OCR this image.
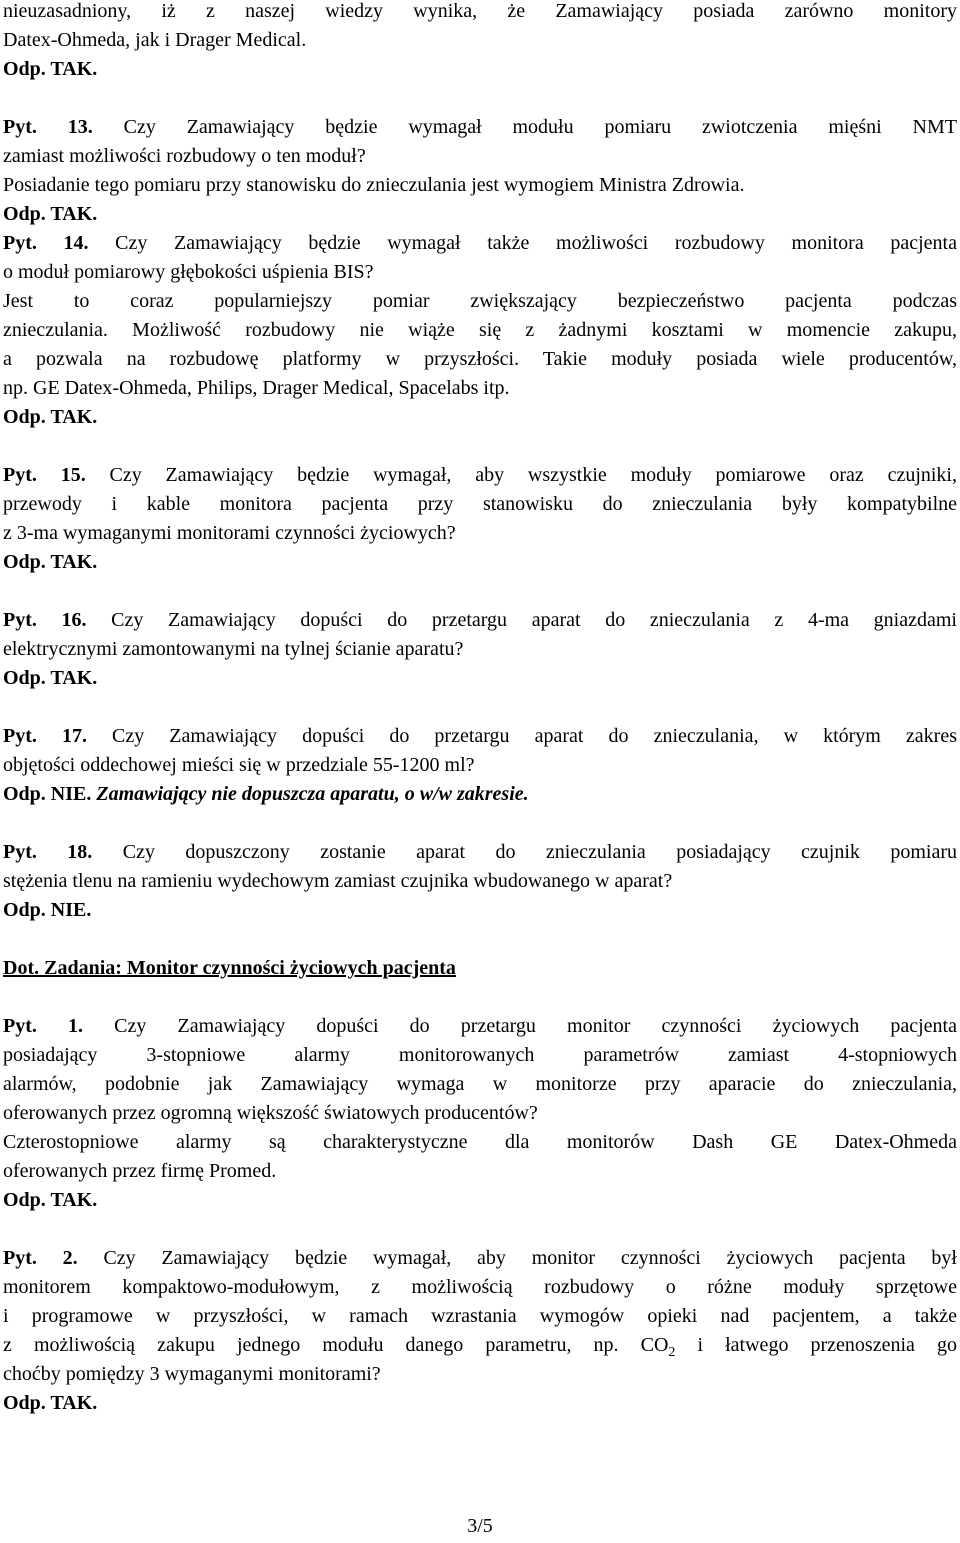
nieuzasadniony, iż z naszej wiedzy wynika, że Zamawiający posiada zarówno monitory
Datex-Ohmeda, jak i Drager Medical.
Odp. TAK.
Pyt. 13. Czy Zamawiający będzie wymagał modułu pomiaru zwiotczenia mięśni NMT
zamiast możliwości rozbudowy o ten moduł?
Posiadanie tego pomiaru przy stanowisku do znieczulania jest wymogiem Ministra Zdrowia.
Odp. TAK.
Pyt. 14. Czy Zamawiający będzie wymagał także możliwości rozbudowy monitora pacjenta
o moduł pomiarowy głębokości uśpienia BIS?
Jest to coraz popularniejszy pomiar zwiększający bezpieczeństwo pacjenta podczas
znieczulania. Możliwość rozbudowy nie wiąże się z żadnymi kosztami w momencie zakupu,
a pozwala na rozbudowę platformy w przyszłości. Takie moduły posiada wiele producentów,
np. GE Datex-Ohmeda, Philips, Drager Medical, Spacelabs itp.
Odp. TAK.
Pyt. 15. Czy Zamawiający będzie wymagał, aby wszystkie moduły pomiarowe oraz czujniki,
przewody i kable monitora pacjenta przy stanowisku do znieczulania były kompatybilne
z 3-ma wymaganymi monitorami czynności życiowych?
Odp. TAK.
Pyt. 16. Czy Zamawiający dopuści do przetargu aparat do znieczulania z 4-ma gniazdami
elektrycznymi zamontowanymi na tylnej ścianie aparatu?
Odp. TAK.
Pyt. 17. Czy Zamawiający dopuści do przetargu aparat do znieczulania, w którym zakres
objętości oddechowej mieści się w przedziale 55-1200 ml?
Odp. NIE. Zamawiający nie dopuszcza aparatu, o w/w zakresie.
Pyt. 18. Czy dopuszczony zostanie aparat do znieczulania posiadający czujnik pomiaru
stężenia tlenu na ramieniu wydechowym zamiast czujnika wbudowanego w aparat?
Odp. NIE.
Dot. Zadania: Monitor czynności życiowych pacjenta
Pyt. 1. Czy Zamawiający dopuści do przetargu monitor czynności życiowych pacjenta
posiadający 3-stopniowe alarmy monitorowanych parametrów zamiast 4-stopniowych
alarmów, podobnie jak Zamawiający wymaga w monitorze przy aparacie do znieczulania,
oferowanych przez ogromną większość światowych producentów?
Czterostopniowe alarmy są charakterystyczne dla monitorów Dash GE Datex-Ohmeda
oferowanych przez firmę Promed.
Odp. TAK.
Pyt. 2. Czy Zamawiający będzie wymagał, aby monitor czynności życiowych pacjenta był
monitorem kompaktowo-modułowym, z możliwością rozbudowy o różne moduły sprzętowe
i programowe w przyszłości, w ramach wzrastania wymogów opieki nad pacjentem, a także
z możliwością zakupu jednego modułu danego parametru, np. $CO_2$ i łatwego przenoszenia go
choćby pomiędzy 3 wymaganymi monitorami?
Odp. TAK.
3/5
